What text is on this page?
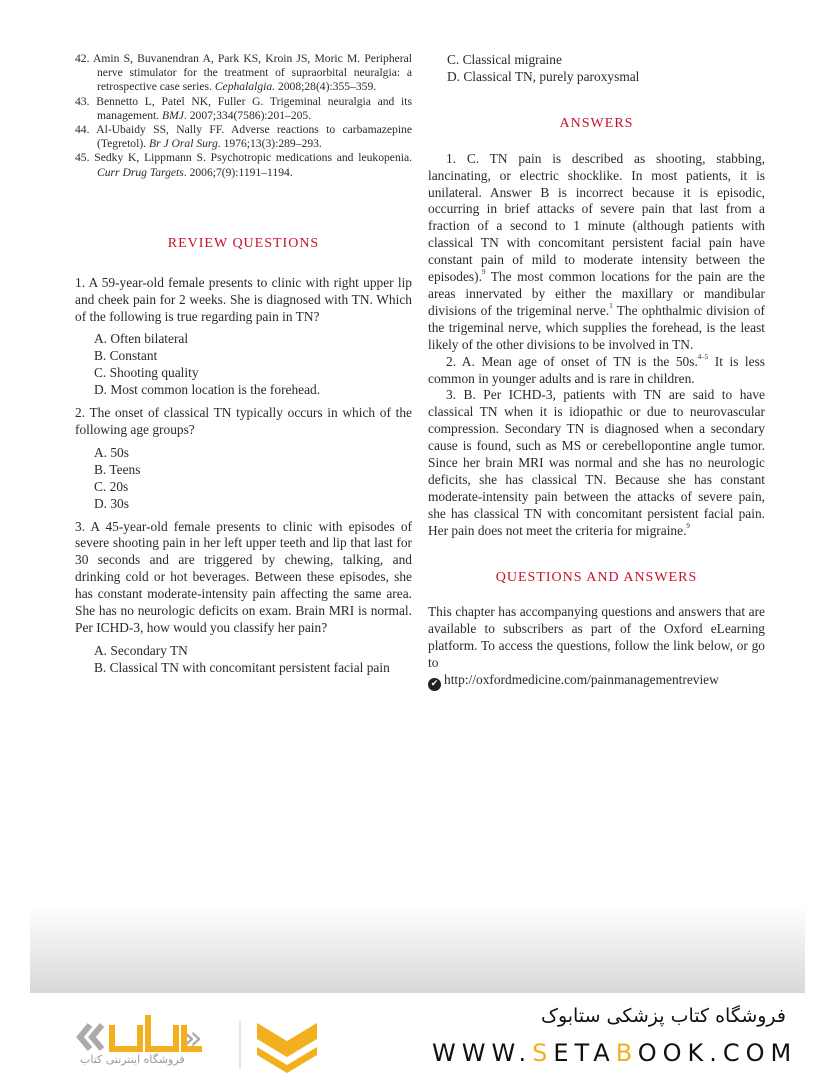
42. Amin S, Buvanendran A, Park KS, Kroin JS, Moric M. Peripheral nerve stimulator for the treatment of supraorbital neuralgia: a retrospective case series. Cephalalgia. 2008;28(4):355–359.

43. Bennetto L, Patel NK, Fuller G. Trigeminal neuralgia and its management. BMJ. 2007;334(7586):201–205.

44. Al-Ubaidy SS, Nally FF. Adverse reactions to carbamazepine (Tegretol). Br J Oral Surg. 1976;13(3):289–293.

45. Sedky K, Lippmann S. Psychotropic medications and leukopenia. Curr Drug Targets. 2006;7(9):1191–1194.

REVIEW QUESTIONS

1. A 59-year-old female presents to clinic with right upper lip and cheek pain for 2 weeks. She is diagnosed with TN. Which of the following is true regarding pain in TN?

A. Often bilateral
B. Constant
C. Shooting quality
D. Most common location is the forehead.

2. The onset of classical TN typically occurs in which of the following age groups?

A. 50s
B. Teens
C. 20s
D. 30s

3. A 45-year-old female presents to clinic with episodes of severe shooting pain in her left upper teeth and lip that last for 30 seconds and are triggered by chewing, talking, and drinking cold or hot beverages. Between these episodes, she has constant moderate-intensity pain affecting the same area. She has no neurologic deficits on exam. Brain MRI is normal. Per ICHD-3, how would you classify her pain?

A. Secondary TN
B. Classical TN with concomitant persistent facial pain
C. Classical migraine
D. Classical TN, purely paroxysmal
ANSWERS

1. C. TN pain is described as shooting, stabbing, lancinating, or electric shocklike. In most patients, it is unilateral. Answer B is incorrect because it is episodic, occurring in brief attacks of severe pain that last from a fraction of a second to 1 minute (although patients with classical TN with concomitant persistent facial pain have constant pain of mild to moderate intensity between the episodes).$^9$ The most common locations for the pain are the areas innervated by either the maxillary or mandibular divisions of the trigeminal nerve.$^1$ The ophthalmic division of the trigeminal nerve, which supplies the forehead, is the least likely of the other divisions to be involved in TN.

2. A. Mean age of onset of TN is the 50s.$^{4-5}$ It is less common in younger adults and is rare in children.

3. B. Per ICHD-3, patients with TN are said to have classical TN when it is idiopathic or due to neurovascular compression. Secondary TN is diagnosed when a secondary cause is found, such as MS or cerebellopontine angle tumor. Since her brain MRI was normal and she has no neurologic deficits, she has classical TN. Because she has constant moderate-intensity pain between the attacks of severe pain, she has classical TN with concomitant persistent facial pain. Her pain does not meet the criteria for migraine.$^9$

QUESTIONS AND ANSWERS

This chapter has accompanying questions and answers that are available to subscribers as part of the Oxford eLearning platform. To access the questions, follow the link below, or go to
✔ http://oxfordmedicine.com/painmanagementreview

«
فروشگاه اینترنتی کتاب
فروشگاه کتاب پزشکی ستابوک
WWW.SETABOOK.COM
